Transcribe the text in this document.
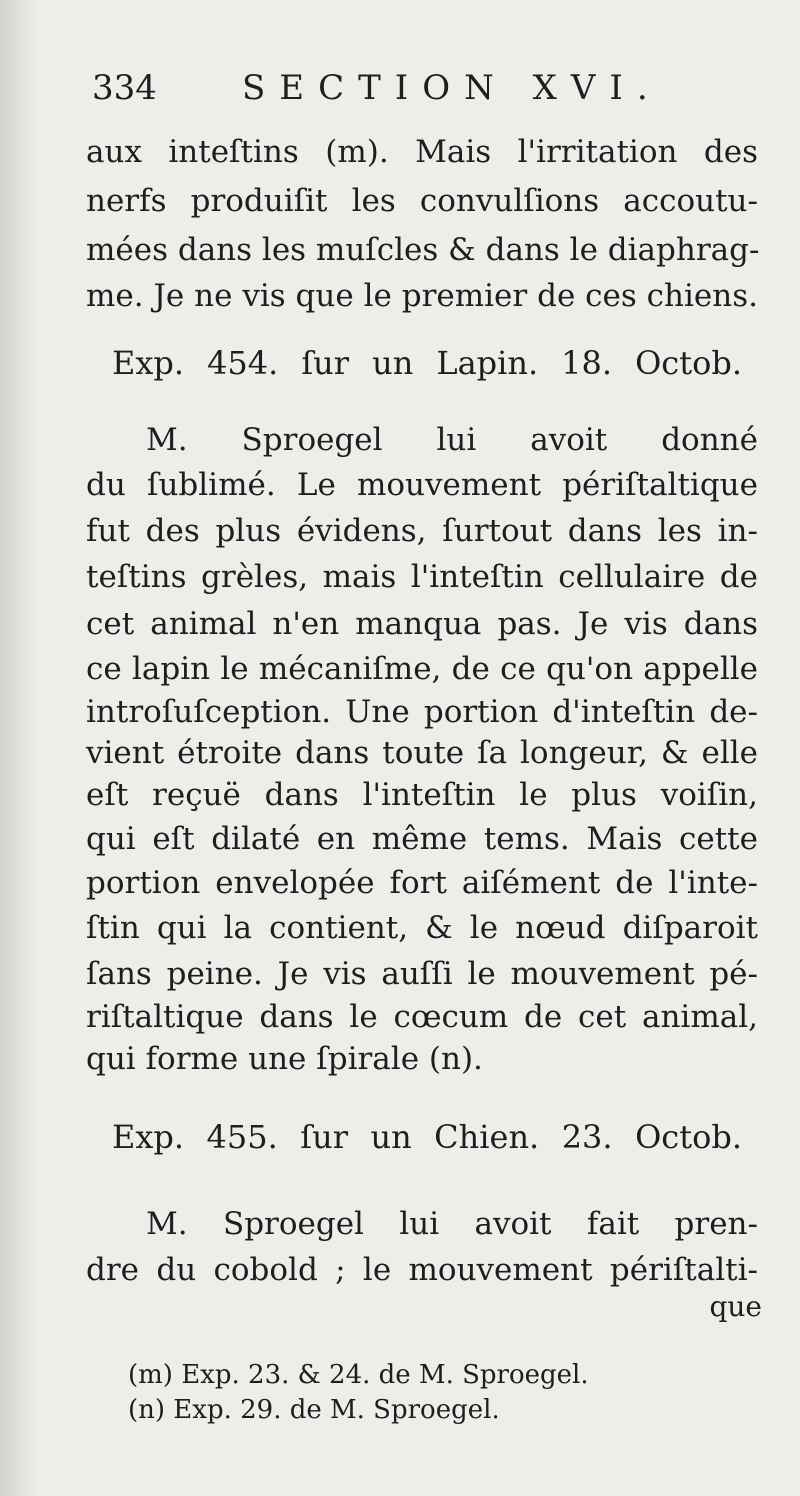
334	SECTION XVI.
aux inteſtins (m). Mais l'irritation des
nerfs produiſit les convulſions accoutu-
mées dans les muſcles & dans le diaphrag-
me. Je ne vis que le premier de ces chiens.
Exp. 454. ſur un Lapin. 18. Octob.
M. Sproegel lui avoit donné
du ſublimé. Le mouvement périſtaltique
fut des plus évidens, ſurtout dans les in-
teſtins grèles, mais l'inteſtin cellulaire de
cet animal n'en manqua pas. Je vis dans
ce lapin le mécaniſme, de ce qu'on appelle
introſuſception. Une portion d'inteſtin de-
vient étroite dans toute ſa longeur, & elle
eſt reçuë dans l'inteſtin le plus voiſin,
qui eſt dilaté en même tems. Mais cette
portion envelopée fort aiſément de l'inte-
ſtin qui la contient, & le nœud diſparoit
ſans peine. Je vis auſſi le mouvement pé-
riſtaltique dans le cœcum de cet animal,
qui forme une ſpirale (n).
Exp. 455. ſur un Chien. 23. Octob.
M. Sproegel lui avoit fait pren-
dre du cobold ; le mouvement périſtalti-
que
(m) Exp. 23. & 24. de M. Sproegel.
(n) Exp. 29. de M. Sproegel.
